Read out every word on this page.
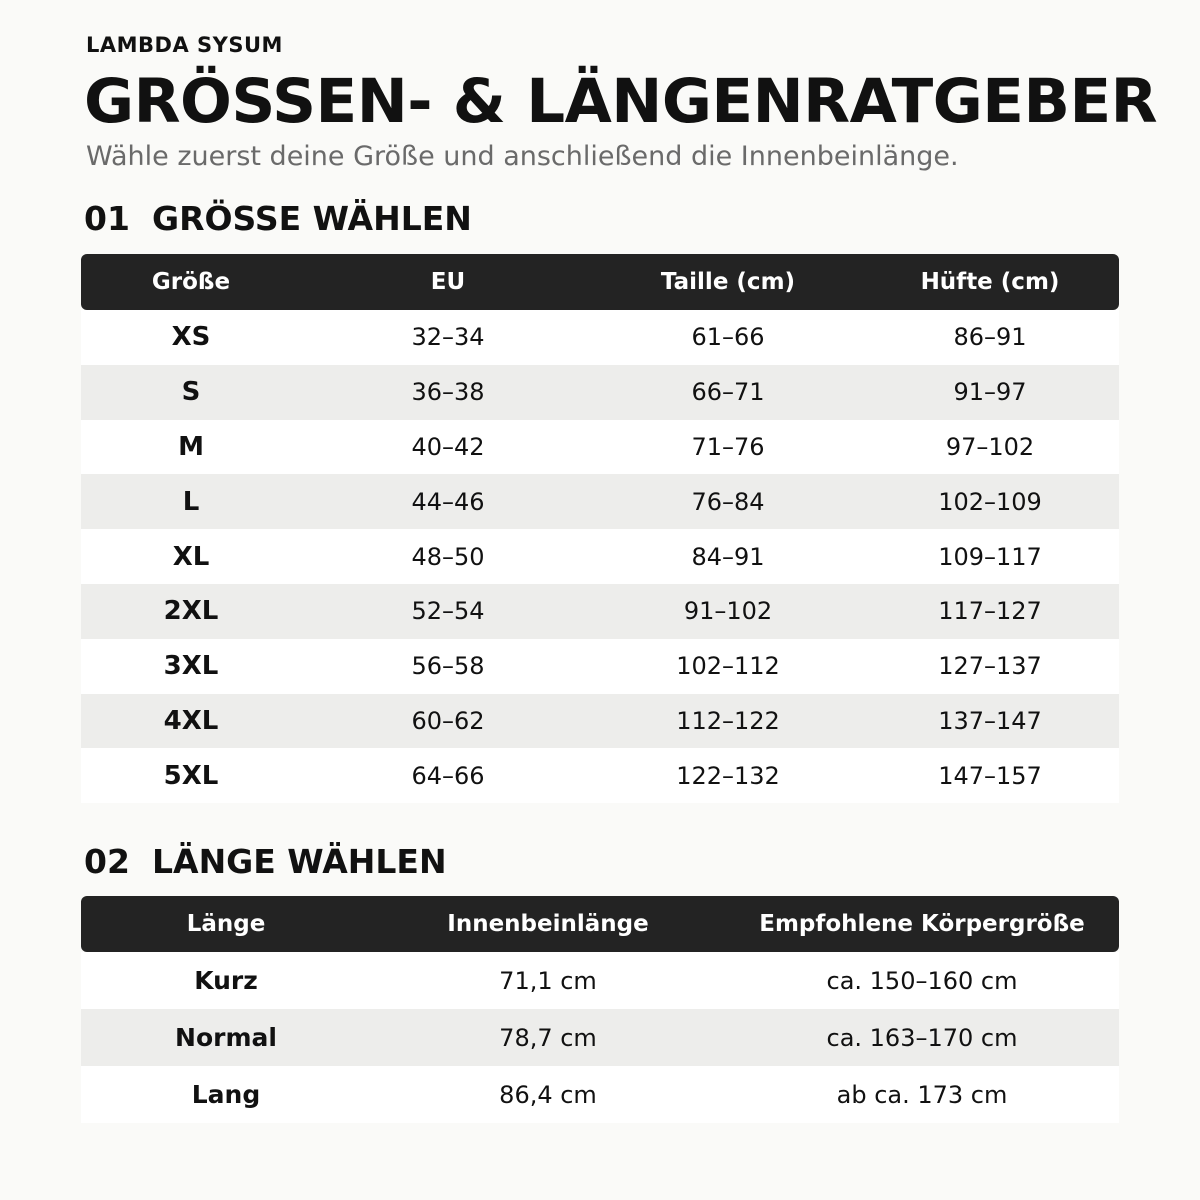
LAMBDA SYSUM
GRÖSSEN- & LÄNGENRATGEBER
Wähle zuerst deine Größe und anschließend die Innenbeinlänge.
01 GRÖSSE WÄHLEN
Größe	EU	Taille (cm)	Hüfte (cm)
XS	32–34	61–66	86–91
S	36–38	66–71	91–97
M	40–42	71–76	97–102
L	44–46	76–84	102–109
XL	48–50	84–91	109–117
2XL	52–54	91–102	117–127
3XL	56–58	102–112	127–137
4XL	60–62	112–122	137–147
5XL	64–66	122–132	147–157
02 LÄNGE WÄHLEN
Länge	Innenbeinlänge	Empfohlene Körpergröße
Kurz	71,1 cm	ca. 150–160 cm
Normal	78,7 cm	ca. 163–170 cm
Lang	86,4 cm	ab ca. 173 cm
